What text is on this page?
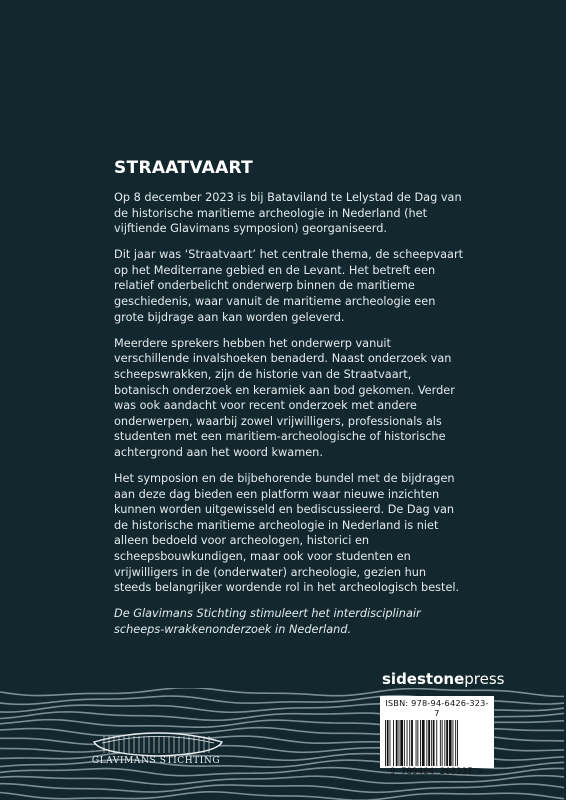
STRAATVAART

Op 8 december 2023 is bij Bataviland te Lelystad de Dag van de historische maritieme archeologie in Nederland (het vijftiende Glavimans symposion) georganiseerd.

Dit jaar was ‘Straatvaart’ het centrale thema, de scheepvaart op het Mediterrane gebied en de Levant. Het betreft een relatief onderbelicht onderwerp binnen de maritieme geschiedenis, waar vanuit de maritieme archeologie een grote bijdrage aan kan worden geleverd.

Meerdere sprekers hebben het onderwerp vanuit verschillende invalshoeken benaderd. Naast onderzoek van scheepswrakken, zijn de historie van de Straatvaart, botanisch onderzoek en keramiek aan bod gekomen. Verder was ook aandacht voor recent onderzoek met andere onderwerpen, waarbij zowel vrijwilligers, professionals als studenten met een maritiem-archeologische of historische achtergrond aan het woord kwamen.

Het symposion en de bijbehorende bundel met de bijdragen aan deze dag bieden een platform waar nieuwe inzichten kunnen worden uitgewisseld en bediscussieerd. De Dag van de historische maritieme archeologie in Nederland is niet alleen bedoeld voor archeologen, historici en scheepsbouwkundigen, maar ook voor studenten en vrijwilligers in de (onderwater) archeologie, gezien hun steeds belangrijker wordende rol in het archeologisch bestel.

De Glavimans Stichting stimuleert het interdisciplinair scheeps-wrakkenonderzoek in Nederland.

GLAVIMANS STICHTING
sidestonepress
ISBN: 978-94-6426-323-7
9 789464 263237 >
